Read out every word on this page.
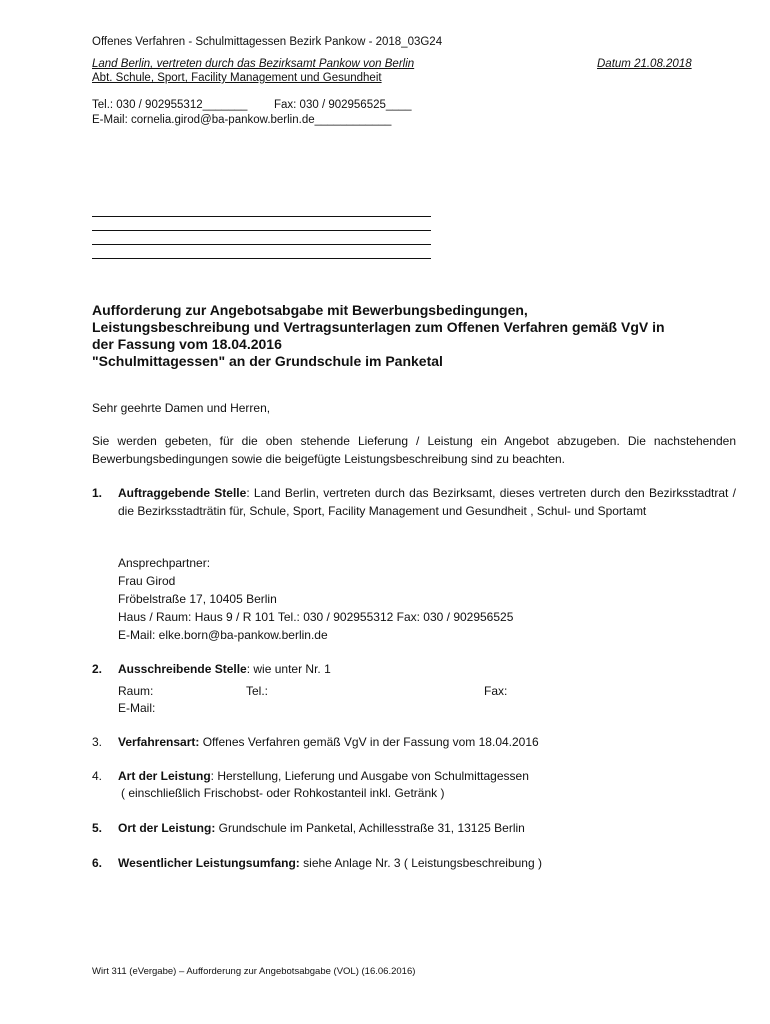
Offenes Verfahren - Schulmittagessen Bezirk Pankow - 2018_03G24
Land Berlin, vertreten durch das Bezirksamt Pankow von Berlin	Datum 21.08.2018
Abt. Schule, Sport, Facility Management und Gesundheit
Tel.: 030 / 902955312_______ Fax: 030 / 902956525____
E-Mail: cornelia.girod@ba-pankow.berlin.de____________
Aufforderung zur Angebotsabgabe mit Bewerbungsbedingungen,
Leistungsbeschreibung und Vertragsunterlagen zum Offenen Verfahren gemäß VgV in
der Fassung vom 18.04.2016
"Schulmittagessen" an der Grundschule im Panketal
Sehr geehrte Damen und Herren,
Sie werden gebeten, für die oben stehende Lieferung / Leistung ein Angebot abzugeben. Die nachstehenden Bewerbungsbedingungen sowie die beigefügte Leistungsbeschreibung sind zu beachten.
1. Auftraggebende Stelle: Land Berlin, vertreten durch das Bezirksamt, dieses vertreten durch den Bezirksstadtrat / die Bezirksstadträtin für, Schule, Sport, Facility Management und Gesundheit , Schul- und Sportamt
Ansprechpartner:
Frau Girod
Fröbelstraße 17, 10405 Berlin
Haus / Raum: Haus 9 / R 101 Tel.: 030 / 902955312 Fax: 030 / 902956525
E-Mail: elke.born@ba-pankow.berlin.de
2. Ausschreibende Stelle: wie unter Nr. 1
Raum:	Tel.:	Fax:
E-Mail:
3. Verfahrensart: Offenes Verfahren gemäß VgV in der Fassung vom 18.04.2016
4. Art der Leistung: Herstellung, Lieferung und Ausgabe von Schulmittagessen
( einschließlich Frischobst- oder Rohkostanteil inkl. Getränk )
5. Ort der Leistung: Grundschule im Panketal, Achillesstraße 31, 13125 Berlin
6. Wesentlicher Leistungsumfang: siehe Anlage Nr. 3 ( Leistungsbeschreibung )
Wirt 311 (eVergabe) – Aufforderung zur Angebotsabgabe (VOL) (16.06.2016)
